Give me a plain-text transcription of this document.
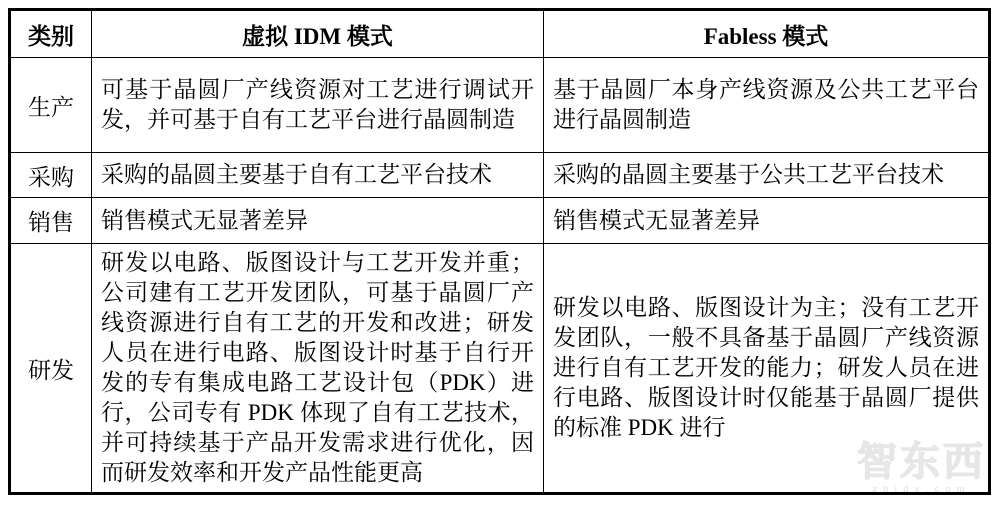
类别	虚拟 IDM 模式	Fabless 模式
生产	可基于晶圆厂产线资源对工艺进行调试开发，并可基于自有工艺平台进行晶圆制造	基于晶圆厂本身产线资源及公共工艺平台进行晶圆制造
采购	采购的晶圆主要基于自有工艺平台技术	采购的晶圆主要基于公共工艺平台技术
销售	销售模式无显著差异	销售模式无显著差异
研发	研发以电路、版图设计与工艺开发并重；公司建有工艺开发团队，可基于晶圆厂产线资源进行自有工艺的开发和改进；研发人员在进行电路、版图设计时基于自行开发的专有集成电路工艺设计包（PDK）进行，公司专有 PDK 体现了自有工艺技术，并可持续基于产品开发需求进行优化，因而研发效率和开发产品性能更高	研发以电路、版图设计为主；没有工艺开发团队，一般不具备基于晶圆厂产线资源进行自有工艺开发的能力；研发人员在进行电路、版图设计时仅能基于晶圆厂提供的标准 PDK 进行
智东西
zhidx.com
